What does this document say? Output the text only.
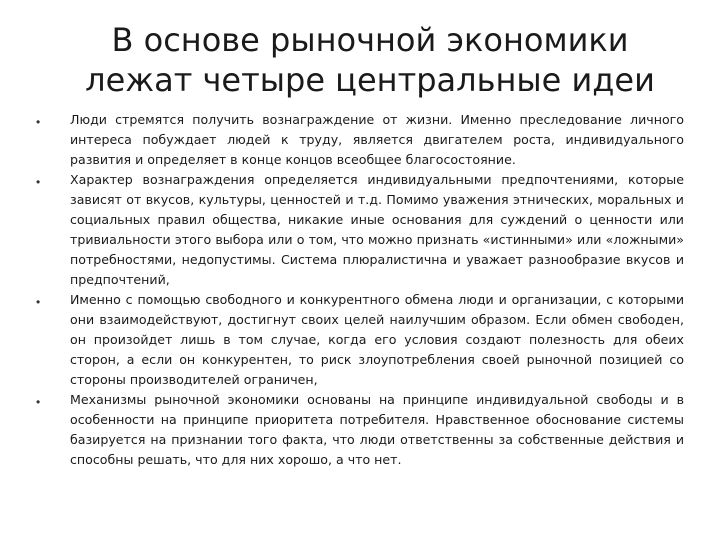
В основе рыночной экономики лежат четыре центральные идеи
• Люди стремятся получить вознаграждение от жизни. Именно преследование личного интереса побуждает людей к труду, является двигателем роста, индивидуального развития и определяет в конце концов всеобщее благосостояние.
• Характер вознаграждения определяется индивидуальными предпочтениями, которые зависят от вкусов, культуры, ценностей и т.д. Помимо уважения этнических, моральных и социальных правил общества, никакие иные основания для суждений о ценности или тривиальности этого выбора или о том, что можно признать «истинными» или «ложными» потребностями, недопустимы. Система плюралистична и уважает разнообразие вкусов и предпочтений,
• Именно с помощью свободного и конкурентного обмена люди и организации, с которыми они взаимодействуют, достигнут своих целей наилучшим образом. Если обмен свободен, он произойдет лишь в том случае, когда его условия создают полезность для обеих сторон, а если он конкурентен, то риск злоупотребления своей рыночной позицией со стороны производителей ограничен,
• Механизмы рыночной экономики основаны на принципе индивидуальной свободы и в особенности на принципе приоритета потребителя. Нравственное обоснование системы базируется на признании того факта, что люди ответственны за собственные действия и способны решать, что для них хорошо, а что нет.
